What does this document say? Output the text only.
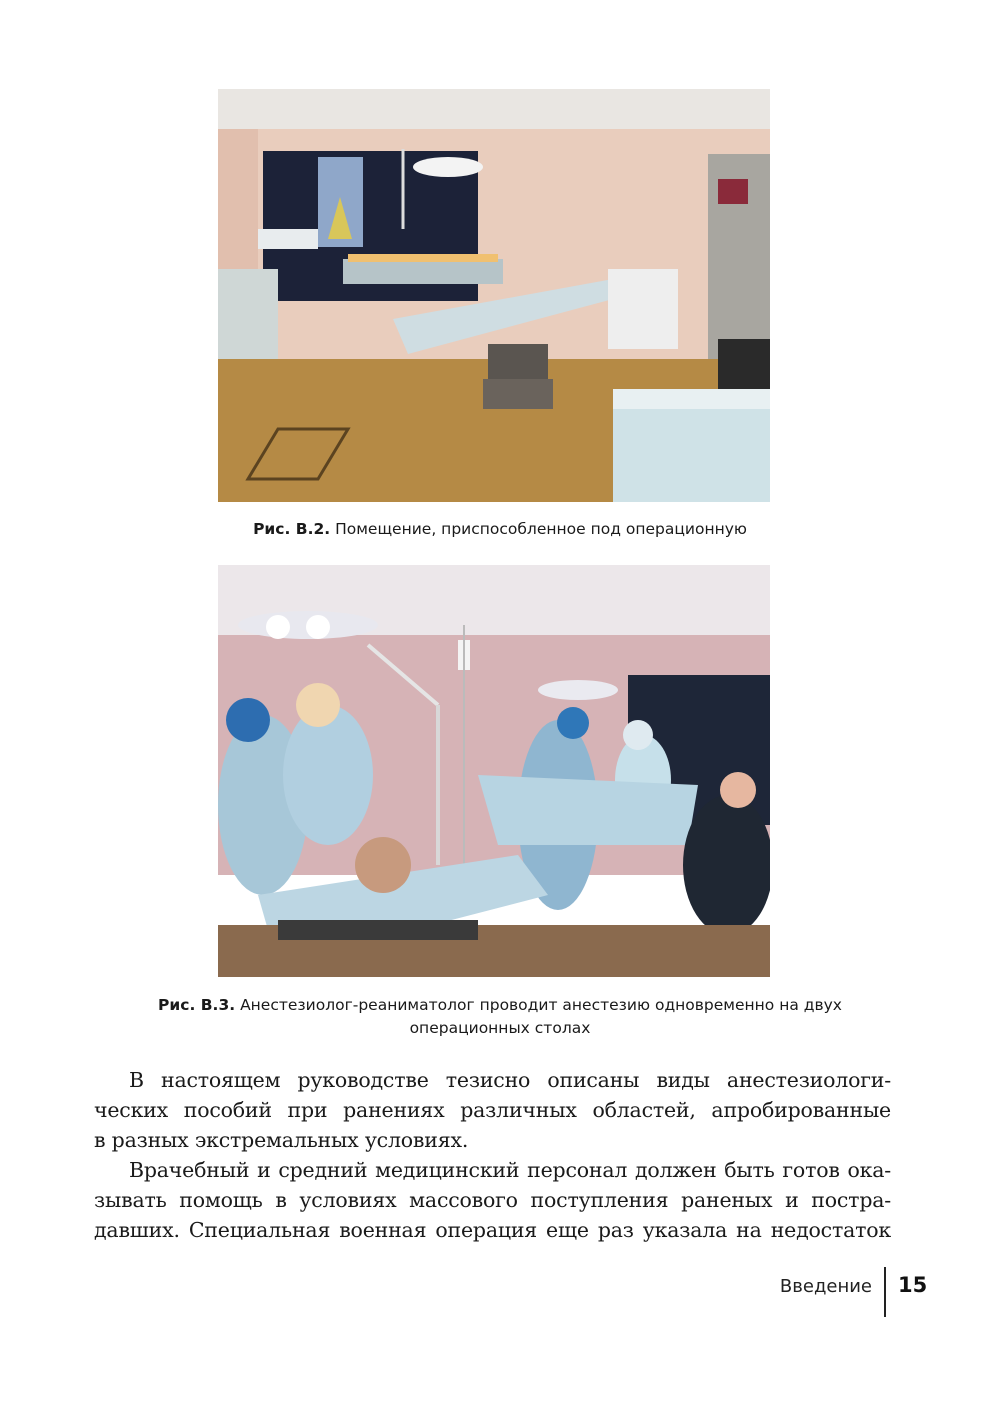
Рис. В.2. Помещение, приспособленное под операционную
Рис. В.3. Анестезиолог-реаниматолог проводит анестезию одновременно на двух
операционных столах
В настоящем руководстве тезисно описаны виды анестезиологи-
ческих пособий при ранениях различных областей, апробированные
в разных экстремальных условиях.
Врачебный и средний медицинский персонал должен быть готов ока-
зывать помощь в условиях массового поступления раненых и постра-
давших. Специальная военная операция еще раз указала на недостаток
Введение 15
